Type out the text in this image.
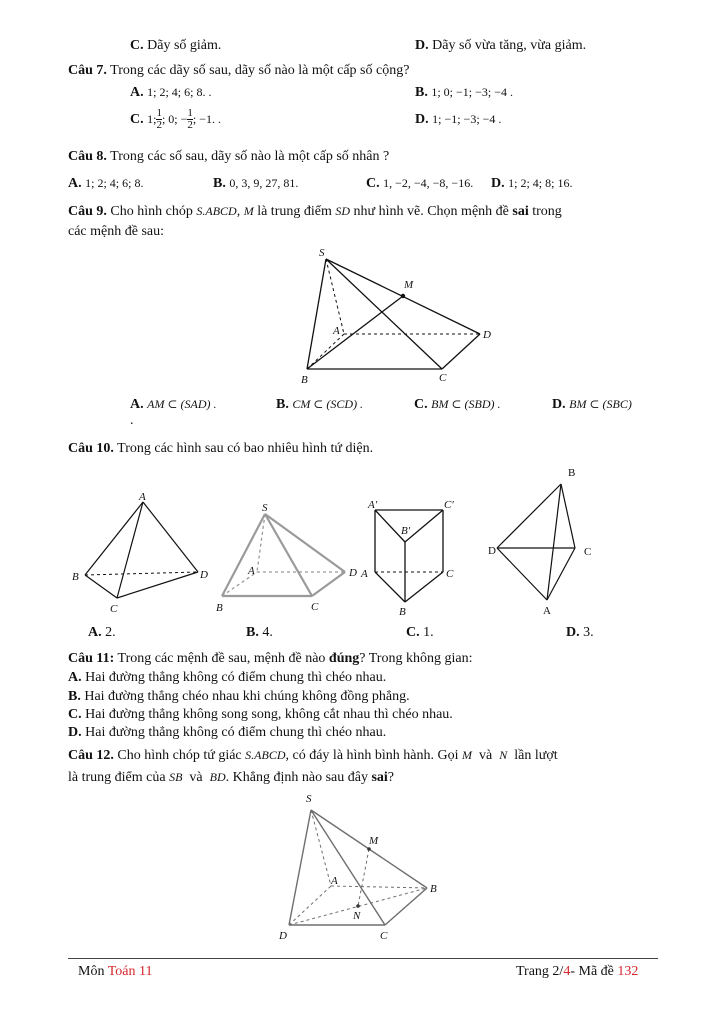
C. Dãy số giảm.	D. Dãy số vừa tăng, vừa giảm.
Câu 7. Trong các dãy số sau, dãy số nào là một cấp số cộng?
A. 1; 2; 4; 6; 8. .	B. 1; 0; −1; −3; −4 .
C. 1; $\frac{1}{2}$ ; 0; − $\frac{1}{2}$ ; −1. .	D. 1; −1; −3; −4 .
Câu 8. Trong các số sau, dãy số nào là một cấp số nhân ?
A. 1; 2; 4; 6; 8.	B. 0, 3, 9, 27, 81.	C. 1, −2, −4, −8, −16. D. 1; 2; 4; 8; 16.
Câu 9. Cho hình chóp S.ABCD, M là trung điểm SD như hình vẽ. Chọn mệnh đề sai trong
các mệnh đề sau:
S
M
A	D
B	C
A. AM ⊂ (SAD) .	B. CM ⊂ (SCD) .	C. BM ⊂ (SBD) .	D. BM ⊂ (SBC)
.
Câu 10. Trong các hình sau có bao nhiêu hình tứ diện.
A
B
C
D
S
A
B	C
D
A′	C′
B′
A	C
B
B
D	C
A
A. 2.	B. 4.	C. 1.	D. 3.
Câu 11: Trong các mệnh đề sau, mệnh đề nào đúng? Trong không gian:
A. Hai đường thẳng không có điểm chung thì chéo nhau.
B. Hai đường thẳng chéo nhau khi chúng không đồng phẳng.
C. Hai đường thẳng không song song, không cắt nhau thì chéo nhau.
D. Hai đường thẳng không có điểm chung thì chéo nhau.
Câu 12. Cho hình chóp tứ giác S.ABCD, có đáy là hình bình hành. Gọi M và N lần lượt
là trung điểm của SB và BD. Khẳng định nào sau đây sai?
S
M
A
B
N
D	C
Môn Toán 11	Trang 2/4- Mã đề 132
